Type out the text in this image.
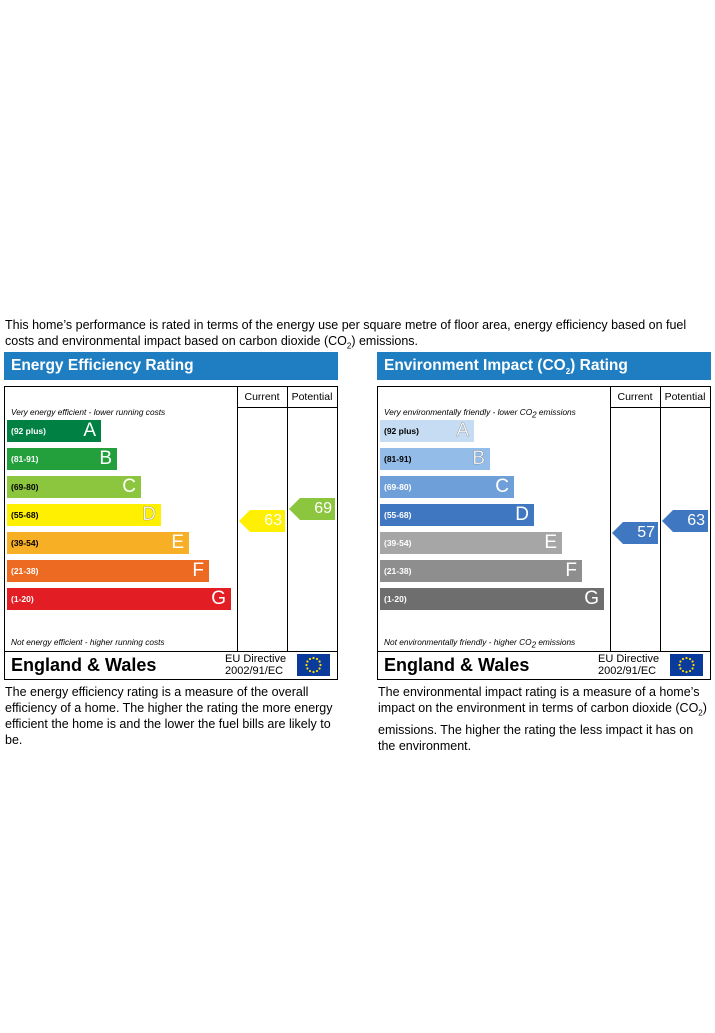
This home’s performance is rated in terms of the energy use per square metre of floor area, energy efficiency based on fuel costs and environmental impact based on carbon dioxide $(CO_2)$ emissions.
Energy Efficiency Rating
Current	Potential
Very energy efficient - lower running costs
(92 plus) A
(81-91)	B
(69-80)	C
(55-68)	D
(39-54)	E
(21-38)	F
(1-20)	G
Not energy efficient - higher running costs
63
69
England & Wales	EU Directive
2002/91/EC
The energy efficiency rating is a measure of the overall efficiency of a home. The higher the rating the more energy efficient the home is and the lower the fuel bills are likely to be.
Environment Impact $(CO_2)$ Rating
Current	Potential
Very environmentally friendly - lower $CO_2$ emissions
(92 plus) A
(81-91)	B
(69-80)	C
(55-68)	D
(39-54)	E
(21-38)	F
(1-20)	G
Not environmentally friendly - higher $CO_2$ emissions
57
63
England & Wales	EU Directive
2002/91/EC
The environmental impact rating is a measure of a home’s impact on the environment in terms of carbon dioxide $(CO_2)$ emissions. The higher the rating the less impact it has on the environment.
